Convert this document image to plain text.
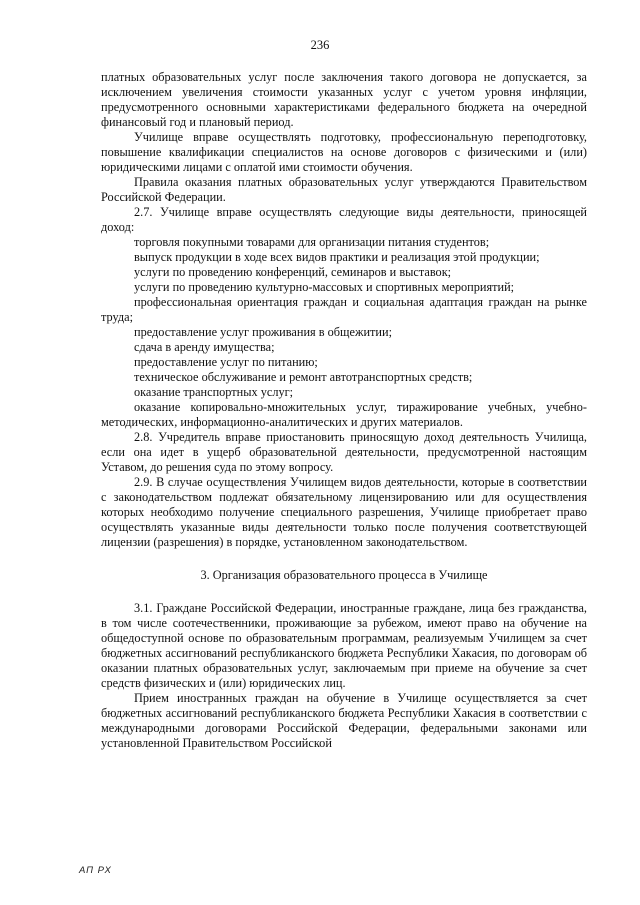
236

платных образовательных услуг после заключения такого договора не допускается, за исключением увеличения стоимости указанных услуг с учетом уровня инфляции, предусмотренного основными характеристиками федерального бюджета на очередной финансовый год и плановый период.

Училище вправе осуществлять подготовку, профессиональную переподготовку, повышение квалификации специалистов на основе договоров с физическими и (или) юридическими лицами с оплатой ими стоимости обучения.

Правила оказания платных образовательных услуг утверждаются Правительством Российской Федерации.

2.7. Училище вправе осуществлять следующие виды деятельности, приносящей доход:

торговля покупными товарами для организации питания студентов;

выпуск продукции в ходе всех видов практики и реализация этой продукции;

услуги по проведению конференций, семинаров и выставок;

услуги по проведению культурно-массовых и спортивных мероприятий;

профессиональная ориентация граждан и социальная адаптация граждан на рынке труда;

предоставление услуг проживания в общежитии;

сдача в аренду имущества;

предоставление услуг по питанию;

техническое обслуживание и ремонт автотранспортных средств;

оказание транспортных услуг;

оказание копировально-множительных услуг, тиражирование учебных, учебно-методических, информационно-аналитических и других материалов.

2.8. Учредитель вправе приостановить приносящую доход деятельность Училища, если она идет в ущерб образовательной деятельности, предусмотренной настоящим Уставом, до решения суда по этому вопросу.

2.9. В случае осуществления Училищем видов деятельности, которые в соответствии с законодательством подлежат обязательному лицензированию или для осуществления которых необходимо получение специального разрешения, Училище приобретает право осуществлять указанные виды деятельности только после получения соответствующей лицензии (разрешения) в порядке, установленном законодательством.

3. Организация образовательного процесса в Училище

3.1. Граждане Российской Федерации, иностранные граждане, лица без гражданства, в том числе соотечественники, проживающие за рубежом, имеют право на обучение на общедоступной основе по образовательным программам, реализуемым Училищем за счет бюджетных ассигнований республиканского бюджета Республики Хакасия, по договорам об оказании платных образовательных услуг, заключаемым при приеме на обучение за счет средств физических и (или) юридических лиц.

Прием иностранных граждан на обучение в Училище осуществляется за счет бюджетных ассигнований республиканского бюджета Республики Хакасия в соответствии с международными договорами Российской Федерации, федеральными законами или установленной Правительством Российской

АП РХ
